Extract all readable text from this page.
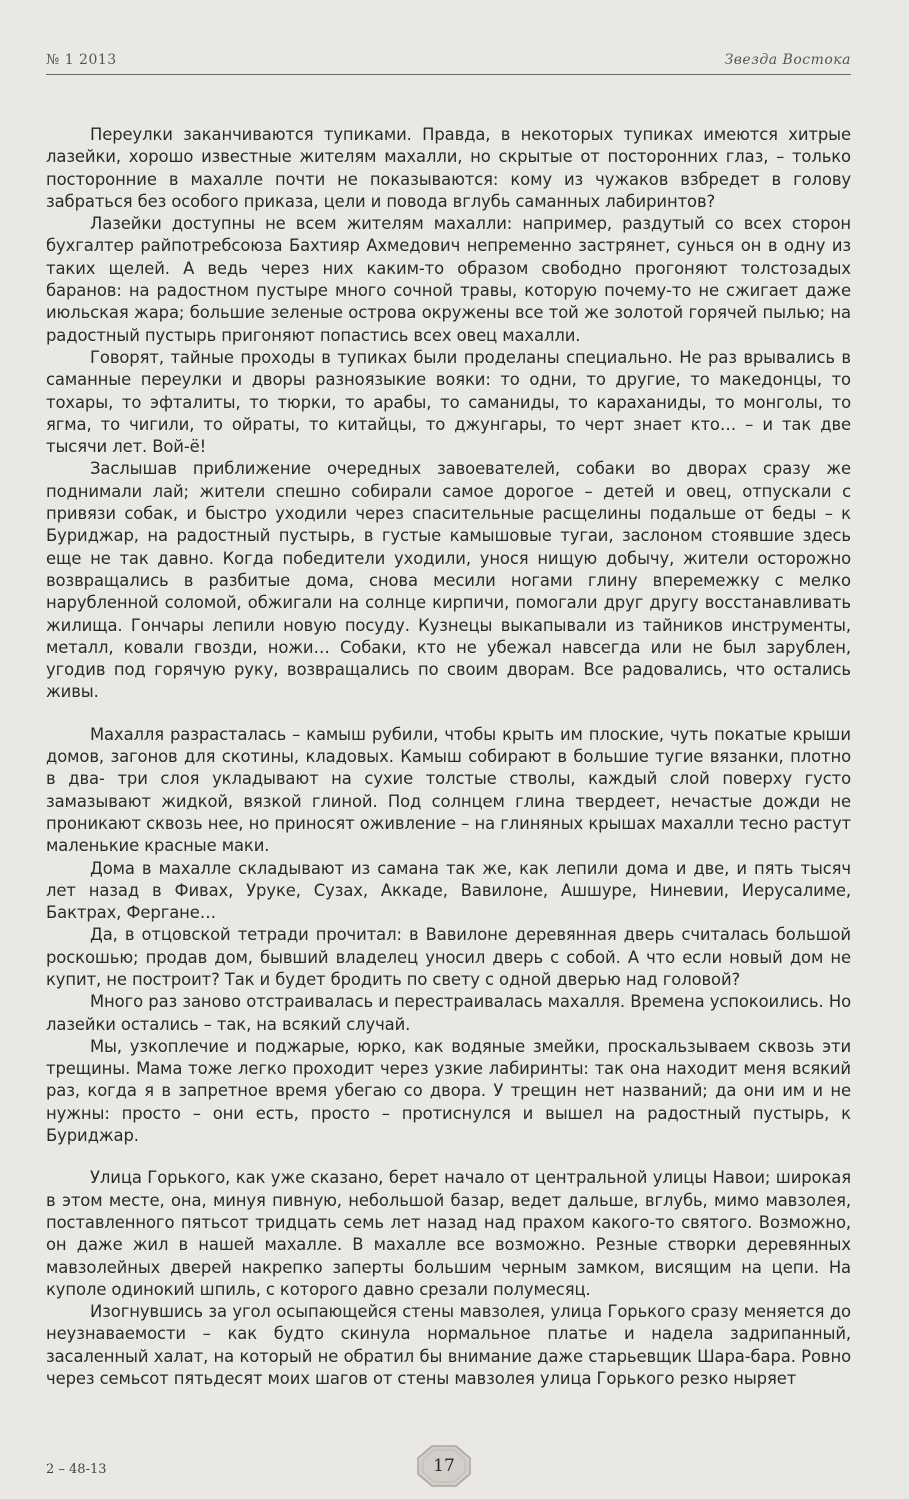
№ 1 2013	Звезда Востока

Переулки заканчиваются тупиками. Правда, в некоторых тупиках имеются хитрые лазейки, хорошо известные жителям махалли, но скрытые от посторонних глаз, – только посторонние в махалле почти не показываются: кому из чужаков взбредет в голову забраться без особого приказа, цели и повода вглубь саманных лабиринтов?

Лазейки доступны не всем жителям махалли: например, раздутый со всех сторон бухгалтер райпотребсоюза Бахтияр Ахмедович непременно застрянет, сунься он в одну из таких щелей. А ведь через них каким-то образом свободно прогоняют толстозадых баранов: на радостном пустыре много сочной травы, которую почему-то не сжигает даже июльская жара; большие зеленые острова окружены все той же золотой горячей пылью; на радостный пустырь пригоняют попастись всех овец махалли.

Говорят, тайные проходы в тупиках были проделаны специально. Не раз врывались в саманные переулки и дворы разноязыкие вояки: то одни, то другие, то македонцы, то тохары, то эфталиты, то тюрки, то арабы, то саманиды, то караханиды, то монголы, то ягма, то чигили, то ойраты, то китайцы, то джунгары, то черт знает кто… – и так две тысячи лет. Вой-ё!

Заслышав приближение очередных завоевателей, собаки во дворах сразу же поднимали лай; жители спешно собирали самое дорогое – детей и овец, отпускали с привязи собак, и быстро уходили через спасительные расщелины подальше от беды – к Буриджар, на радостный пустырь, в густые камышовые тугаи, заслоном стоявшие здесь еще не так давно. Когда победители уходили, унося нищую добычу, жители осторожно возвращались в разбитые дома, снова месили ногами глину вперемежку с мелко нарубленной соломой, обжигали на солнце кирпичи, помогали друг другу восстанавливать жилища. Гончары лепили новую посуду. Кузнецы выкапывали из тайников инструменты, металл, ковали гвозди, ножи… Собаки, кто не убежал навсегда или не был зарублен, угодив под горячую руку, возвращались по своим дворам. Все радовались, что остались живы.

Махалля разрасталась – камыш рубили, чтобы крыть им плоские, чуть покатые крыши домов, загонов для скотины, кладовых. Камыш собирают в большие тугие вязанки, плотно в два- три слоя укладывают на сухие толстые стволы, каждый слой поверху густо замазывают жидкой, вязкой глиной. Под солнцем глина твердеет, нечастые дожди не проникают сквозь нее, но приносят оживление – на глиняных крышах махалли тесно растут маленькие красные маки.

Дома в махалле складывают из самана так же, как лепили дома и две, и пять тысяч лет назад в Фивах, Уруке, Сузах, Аккаде, Вавилоне, Ашшуре, Ниневии, Иерусалиме, Бактрах, Фергане…

Да, в отцовской тетради прочитал: в Вавилоне деревянная дверь считалась большой роскошью; продав дом, бывший владелец уносил дверь с собой. А что если новый дом не купит, не построит? Так и будет бродить по свету с одной дверью над головой?

Много раз заново отстраивалась и перестраивалась махалля. Времена успокоились. Но лазейки остались – так, на всякий случай.

Мы, узкоплечие и поджарые, юрко, как водяные змейки, проскальзываем сквозь эти трещины. Мама тоже легко проходит через узкие лабиринты: так она находит меня всякий раз, когда я в запретное время убегаю со двора. У трещин нет названий; да они им и не нужны: просто – они есть, просто – протиснулся и вышел на радостный пустырь, к Буриджар.

Улица Горького, как уже сказано, берет начало от центральной улицы Навои; широкая в этом месте, она, минуя пивную, небольшой базар, ведет дальше, вглубь, мимо мавзолея, поставленного пятьсот тридцать семь лет назад над прахом какого-то святого. Возможно, он даже жил в нашей махалле. В махалле все возможно. Резные створки деревянных мавзолейных дверей накрепко заперты большим черным замком, висящим на цепи. На куполе одинокий шпиль, с которого давно срезали полумесяц.

Изогнувшись за угол осыпающейся стены мавзолея, улица Горького сразу меняется до неузнаваемости – как будто скинула нормальное платье и надела задрипанный, засаленный халат, на который не обратил бы внимание даже старьевщик Шара-бара. Ровно через семьсот пятьдесят моих шагов от стены мавзолея улица Горького резко ныряет

2 – 48-13	17
